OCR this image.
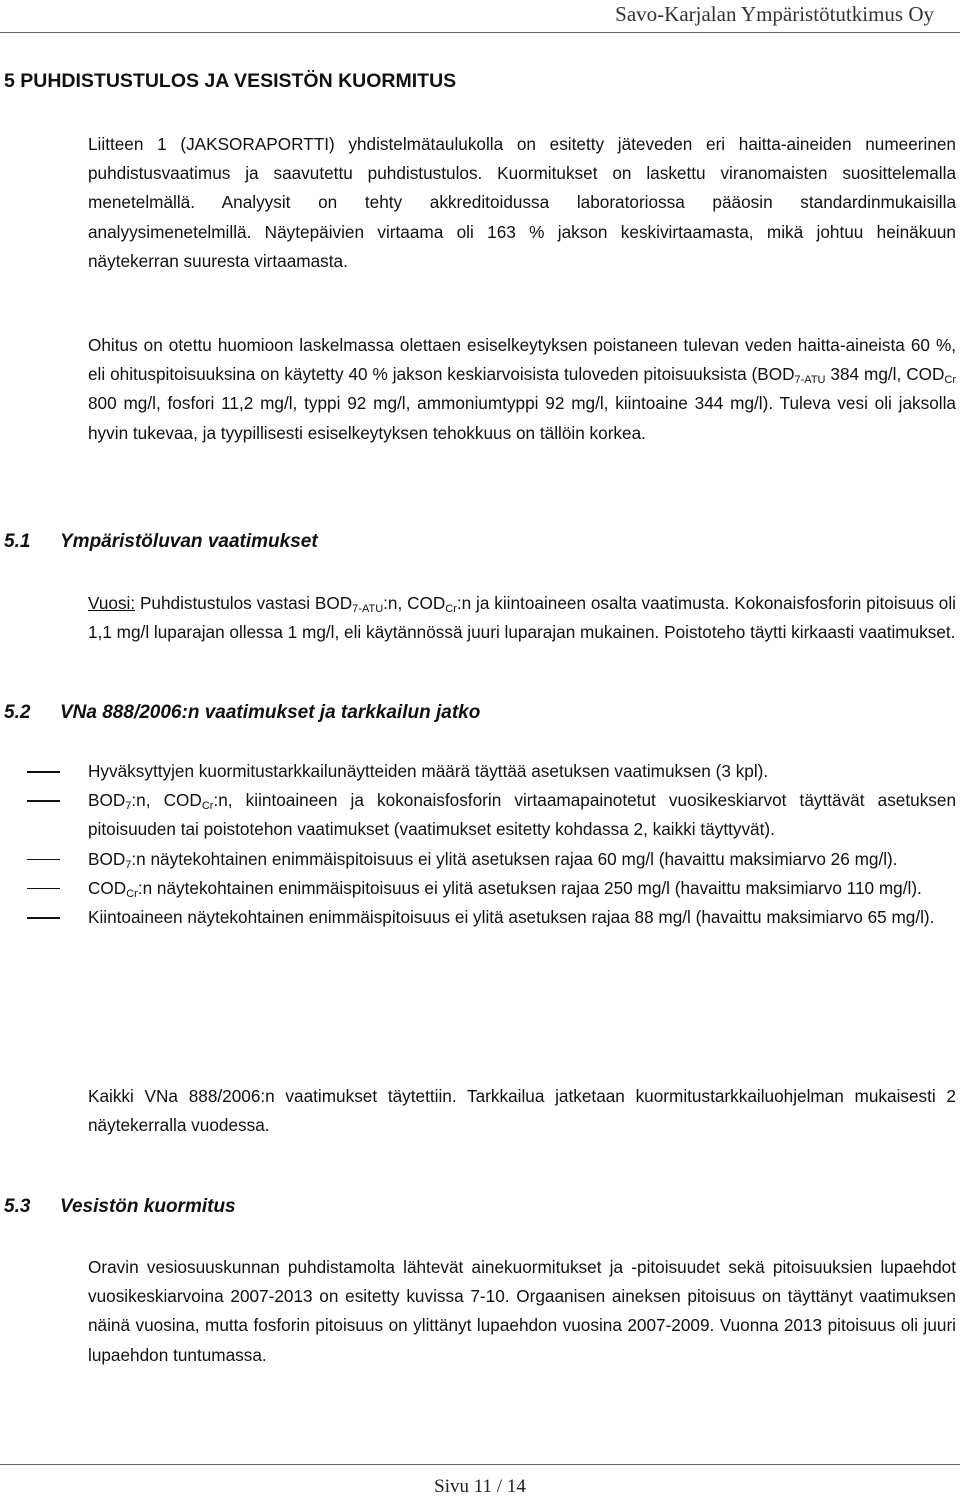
Savo-Karjalan Ympäristötutkimus Oy
5 PUHDISTUSTULOS JA VESISTÖN KUORMITUS

Liitteen 1 (JAKSORAPORTTI) yhdistelmätaulukolla on esitetty jäteveden eri haitta-aineiden numeerinen puhdistusvaatimus ja saavutettu puhdistustulos. Kuormitukset on laskettu viranomaisten suosittelemalla menetelmällä. Analyysit on tehty akkreditoidussa laboratoriossa pääosin standardinmukaisilla analyysimenetelmillä. Näytepäivien virtaama oli 163 % jakson keskivirtaamasta, mikä johtuu heinäkuun näytekerran suuresta virtaamasta.

Ohitus on otettu huomioon laskelmassa olettaen esiselkeytyksen poistaneen tulevan veden haitta-aineista 60 %, eli ohituspitoisuuksina on käytetty 40 % jakson keskiarvoisista tuloveden pitoisuuksista ($BOD_{7-ATU}$ 384 mg/l, $COD_{Cr}$ 800 mg/l, fosfori 11,2 mg/l, typpi 92 mg/l, ammoniumtyppi 92 mg/l, kiintoaine 344 mg/l). Tuleva vesi oli jaksolla hyvin tukevaa, ja tyypillisesti esiselkeytyksen tehokkuus on tällöin korkea.

5.1 Ympäristöluvan vaatimukset

Vuosi: Puhdistustulos vastasi $BOD_{7-ATU}:n$, $COD_{Cr}:n$ ja kiintoaineen osalta vaatimusta. Kokonaisfosforin pitoisuus oli 1,1 mg/l luparajan ollessa 1 mg/l, eli käytännössä juuri luparajan mukainen. Poistoteho täytti kirkaasti vaatimukset.

5.2 VNa 888/2006:n vaatimukset ja tarkkailun jatko
Hyväksyttyjen kuormitustarkkailunäytteiden määrä täyttää asetuksen vaatimuksen (3 kpl).
$BOD_7:n$, $COD_{Cr}:n$, kiintoaineen ja kokonaisfosforin virtaamapainotetut vuosikeskiarvot täyttävät asetuksen pitoisuuden tai poistotehon vaatimukset (vaatimukset esitetty kohdassa 2, kaikki täyttyvät).
$BOD_7:n$ näytekohtainen enimmäispitoisuus ei ylitä asetuksen rajaa 60 mg/l (havaittu maksimiarvo 26 mg/l).
$COD_{Cr}:n$ näytekohtainen enimmäispitoisuus ei ylitä asetuksen rajaa 250 mg/l (havaittu maksimiarvo 110 mg/l).
Kiintoaineen näytekohtainen enimmäispitoisuus ei ylitä asetuksen rajaa 88 mg/l (havaittu maksimiarvo 65 mg/l).

Kaikki VNa 888/2006:n vaatimukset täytettiin. Tarkkailua jatketaan kuormitustarkkailuohjelman mukaisesti 2 näytekerralla vuodessa.

5.3 Vesistön kuormitus

Oravin vesiosuuskunnan puhdistamolta lähtevät ainekuormitukset ja -pitoisuudet sekä pitoisuuksien lupaehdot vuosikeskiarvoina 2007-2013 on esitetty kuvissa 7-10. Orgaanisen aineksen pitoisuus on täyttänyt vaatimuksen näinä vuosina, mutta fosforin pitoisuus on ylittänyt lupaehdon vuosina 2007-2009. Vuonna 2013 pitoisuus oli juuri lupaehdon tuntumassa.

Sivu 11 / 14
